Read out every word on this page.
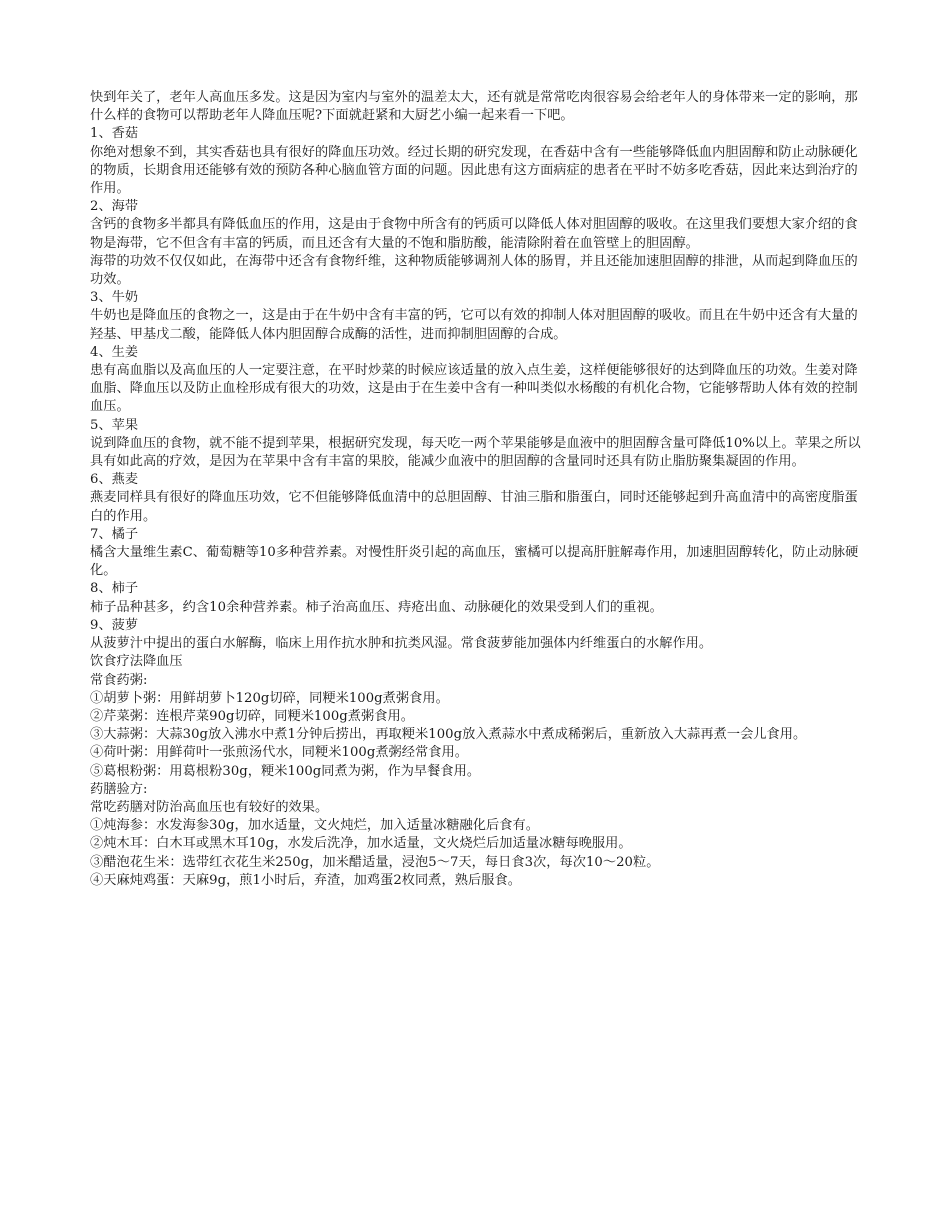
快到年关了，老年人高血压多发。这是因为室内与室外的温差太大，还有就是常常吃肉很容易会给老年人的身体带来一定的影响，那什么样的食物可以帮助老年人降血压呢?下面就赶紧和大厨艺小编一起来看一下吧。

1、香菇

你绝对想象不到，其实香菇也具有很好的降血压功效。经过长期的研究发现，在香菇中含有一些能够降低血内胆固醇和防止动脉硬化的物质，长期食用还能够有效的预防各种心脑血管方面的问题。因此患有这方面病症的患者在平时不妨多吃香菇，因此来达到治疗的作用。

2、海带

含钙的食物多半都具有降低血压的作用，这是由于食物中所含有的钙质可以降低人体对胆固醇的吸收。在这里我们要想大家介绍的食物是海带，它不但含有丰富的钙质，而且还含有大量的不饱和脂肪酸，能清除附着在血管壁上的胆固醇。

海带的功效不仅仅如此，在海带中还含有食物纤维，这种物质能够调剂人体的肠胃，并且还能加速胆固醇的排泄，从而起到降血压的功效。

3、牛奶

牛奶也是降血压的食物之一，这是由于在牛奶中含有丰富的钙，它可以有效的抑制人体对胆固醇的吸收。而且在牛奶中还含有大量的羟基、甲基戊二酸，能降低人体内胆固醇合成酶的活性，进而抑制胆固醇的合成。

4、生姜

患有高血脂以及高血压的人一定要注意，在平时炒菜的时候应该适量的放入点生姜，这样便能够很好的达到降血压的功效。生姜对降血脂、降血压以及防止血栓形成有很大的功效，这是由于在生姜中含有一种叫类似水杨酸的有机化合物，它能够帮助人体有效的控制血压。

5、苹果

说到降血压的食物，就不能不提到苹果，根据研究发现，每天吃一两个苹果能够是血液中的胆固醇含量可降低10%以上。苹果之所以具有如此高的疗效，是因为在苹果中含有丰富的果胶，能减少血液中的胆固醇的含量同时还具有防止脂肪聚集凝固的作用。

6、燕麦

燕麦同样具有很好的降血压功效，它不但能够降低血清中的总胆固醇、甘油三脂和脂蛋白，同时还能够起到升高血清中的高密度脂蛋白的作用。

7、橘子

橘含大量维生素C、葡萄糖等10多种营养素。对慢性肝炎引起的高血压，蜜橘可以提高肝脏解毒作用，加速胆固醇转化，防止动脉硬化。

8、柿子

柿子品种甚多，约含10余种营养素。柿子治高血压、痔疮出血、动脉硬化的效果受到人们的重视。

9、菠萝

从菠萝汁中提出的蛋白水解酶，临床上用作抗水肿和抗类风湿。常食菠萝能加强体内纤维蛋白的水解作用。

饮食疗法降血压

常食药粥:

①胡萝卜粥：用鲜胡萝卜120g切碎，同粳米100g煮粥食用。

②芹菜粥：连根芹菜90g切碎，同粳米100g煮粥食用。

③大蒜粥：大蒜30g放入沸水中煮1分钟后捞出，再取粳米100g放入煮蒜水中煮成稀粥后，重新放入大蒜再煮一会儿食用。

④荷叶粥：用鲜荷叶一张煎汤代水，同粳米100g煮粥经常食用。

⑤葛根粉粥：用葛根粉30g，粳米100g同煮为粥，作为早餐食用。

药膳验方:

常吃药膳对防治高血压也有较好的效果。

①炖海参：水发海参30g，加水适量，文火炖烂，加入适量冰糖融化后食有。

②炖木耳：白木耳或黑木耳10g，水发后洗净，加水适量，文火烧烂后加适量冰糖每晚服用。

③醋泡花生米：选带红衣花生米250g，加米醋适量，浸泡5～7天，每日食3次，每次10～20粒。

④天麻炖鸡蛋：天麻9g，煎1小时后，弃渣，加鸡蛋2枚同煮，熟后服食。
